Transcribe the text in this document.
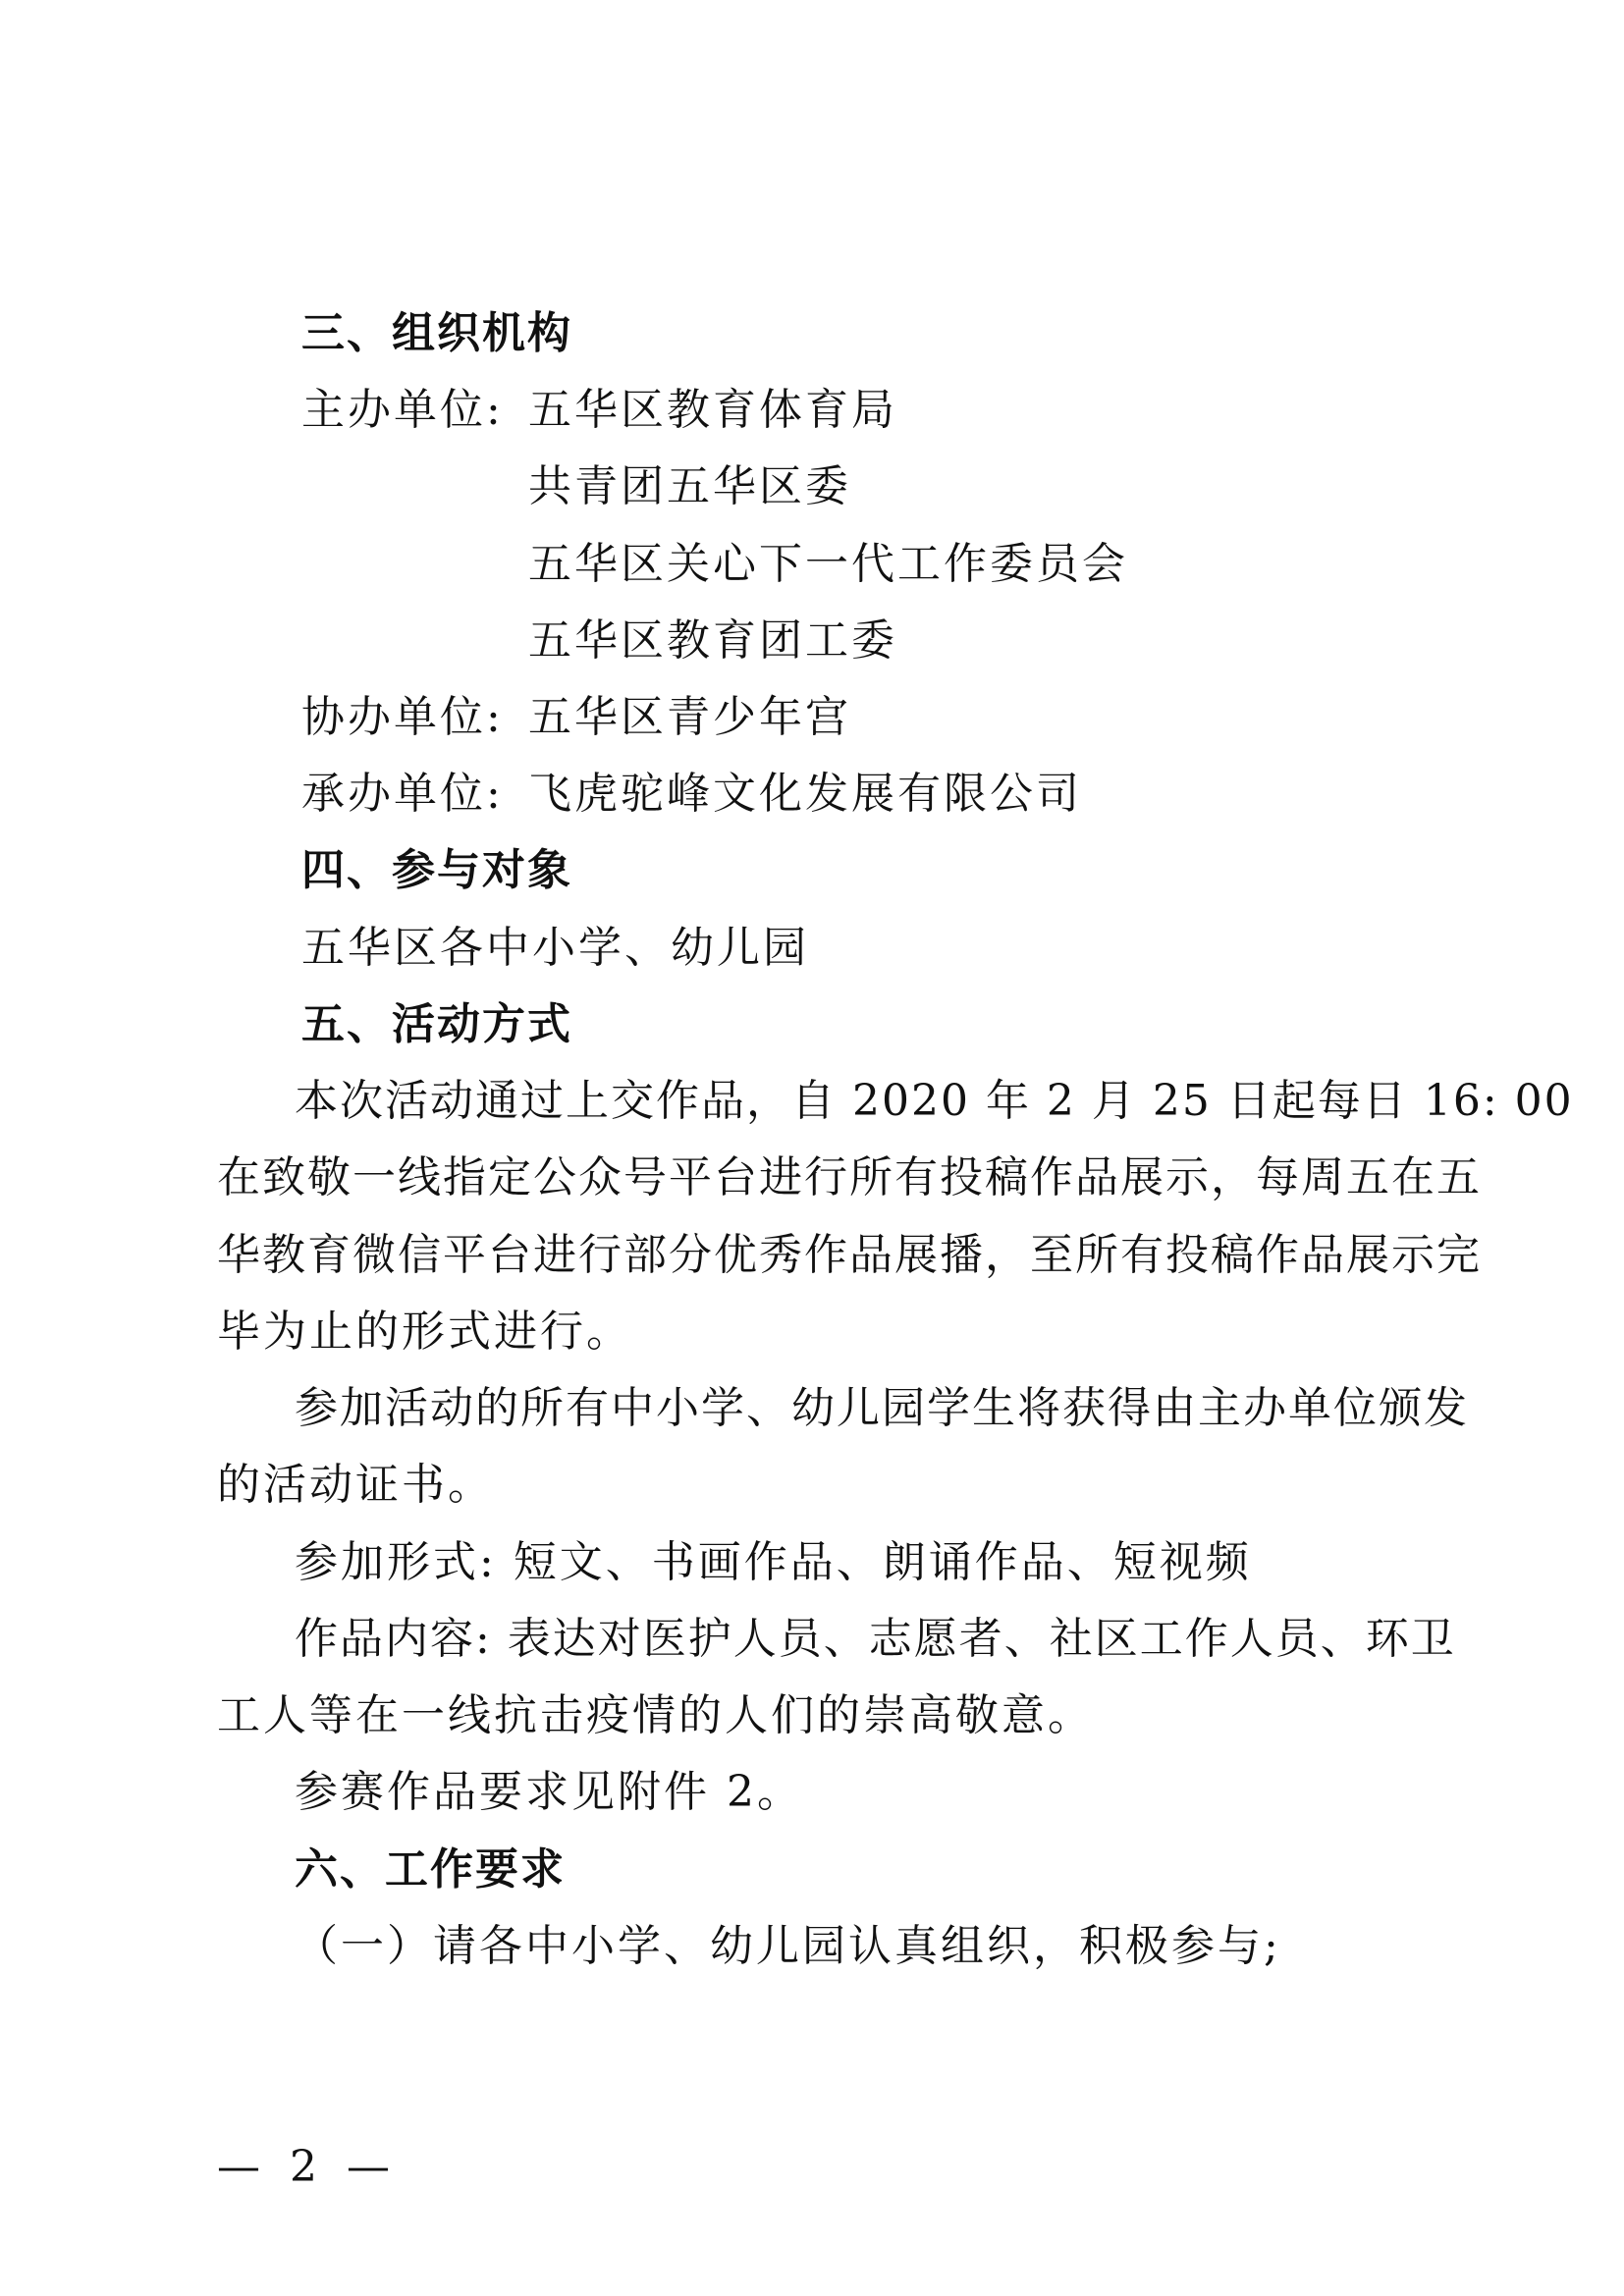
三、组织机构
主办单位: 五华区教育体育局
共青团五华区委
五华区关心下一代工作委员会
五华区教育团工委
协办单位: 五华区青少年宫
承办单位: 飞虎驼峰文化发展有限公司
四、参与对象
五华区各中小学、幼儿园
五、活动方式
本次活动通过上交作品，自 2020 年 2 月 25 日起每日 16: 00
在致敬一线指定公众号平台进行所有投稿作品展示，每周五在五
华教育微信平台进行部分优秀作品展播，至所有投稿作品展示完
毕为止的形式进行。
参加活动的所有中小学、幼儿园学生将获得由主办单位颁发
的活动证书。
参加形式: 短文、书画作品、朗诵作品、短视频
作品内容: 表达对医护人员、志愿者、社区工作人员、环卫
工人等在一线抗击疫情的人们的崇高敬意。
参赛作品要求见附件 2。
六、工作要求
（一）请各中小学、幼儿园认真组织，积极参与;
— 2 —
